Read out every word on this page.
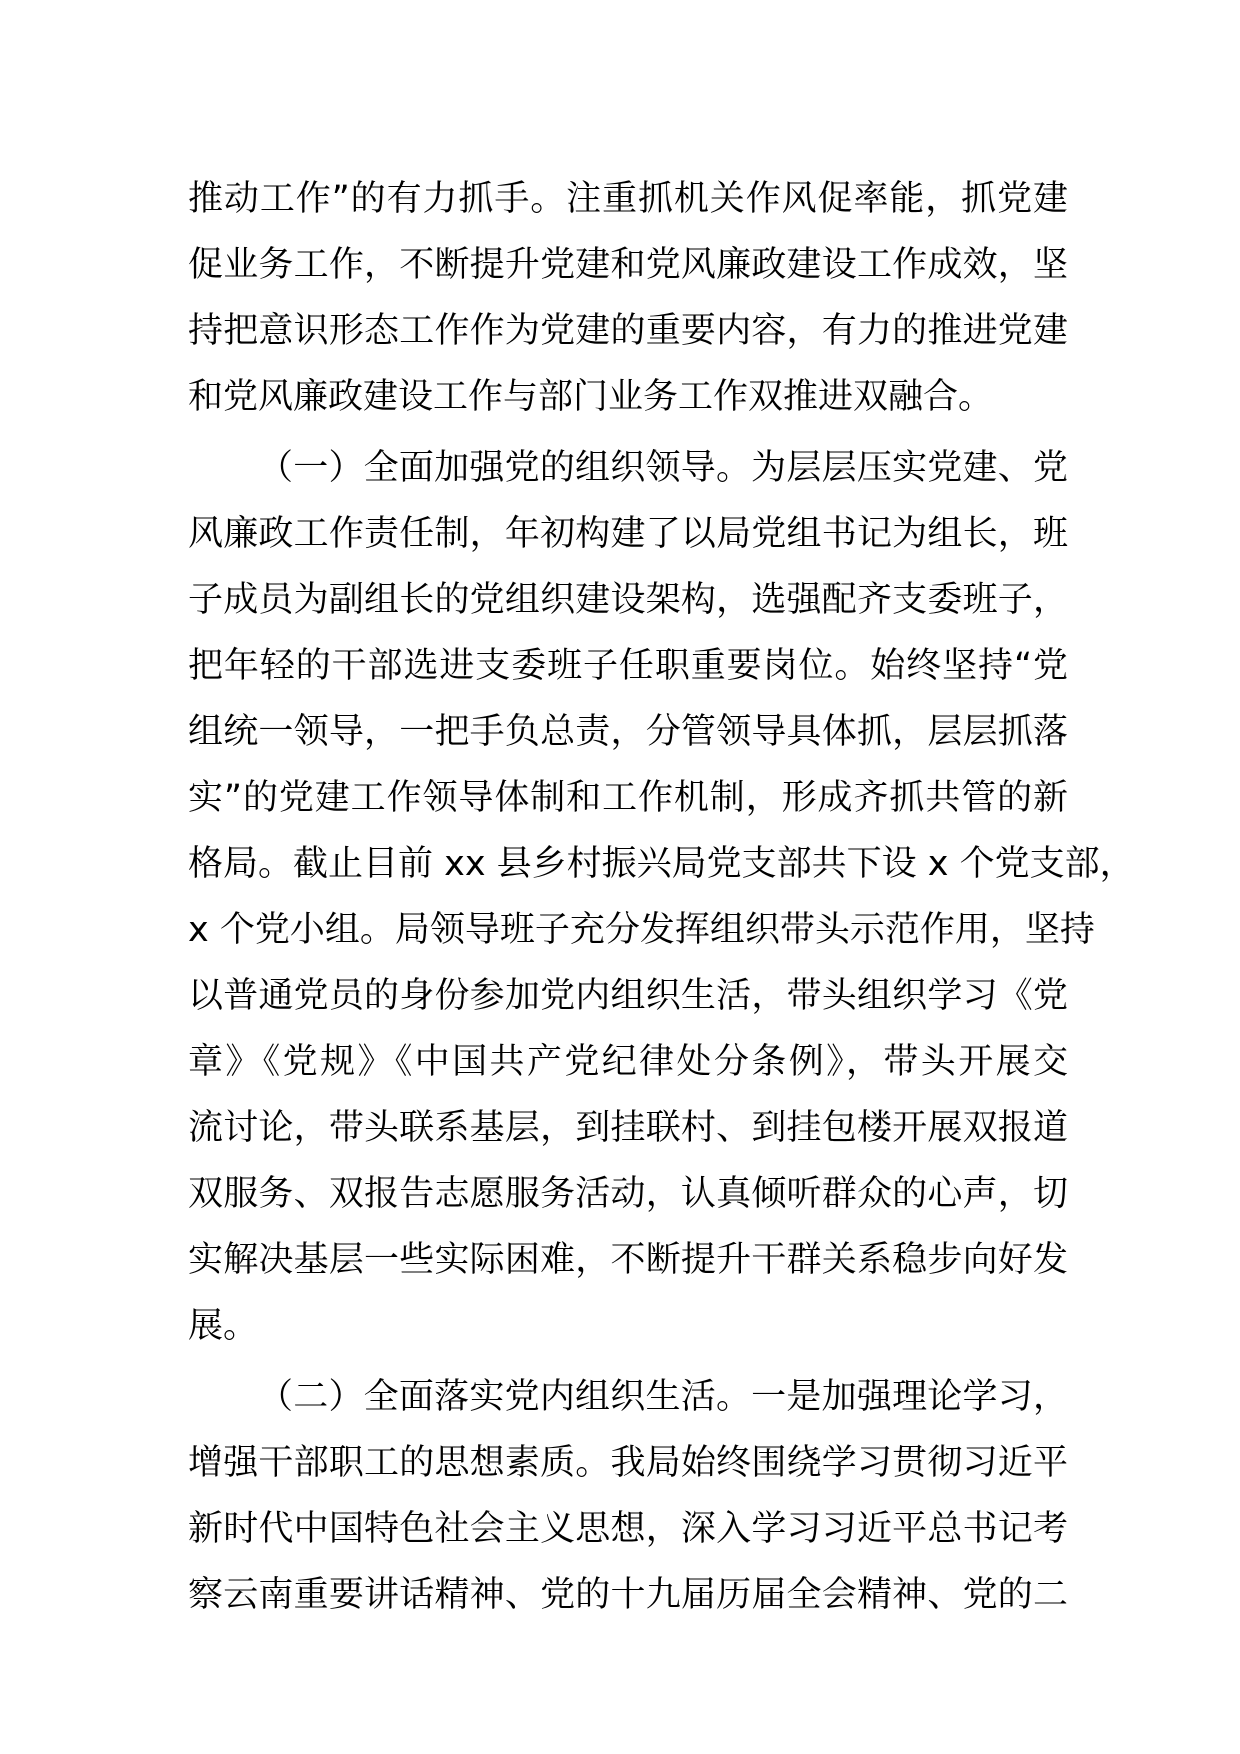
推动工作”的有力抓手。注重抓机关作风促率能，抓党建
促业务工作，不断提升党建和党风廉政建设工作成效，坚
持把意识形态工作作为党建的重要内容，有力的推进党建
和党风廉政建设工作与部门业务工作双推进双融合。
（一）全面加强党的组织领导。为层层压实党建、党
风廉政工作责任制，年初构建了以局党组书记为组长，班
子成员为副组长的党组织建设架构，选强配齐支委班子，
把年轻的干部选进支委班子任职重要岗位。始终坚持“党
组统一领导，一把手负总责，分管领导具体抓，层层抓落
实”的党建工作领导体制和工作机制，形成齐抓共管的新
格局。截止目前 xx 县乡村振兴局党支部共下设 x 个党支部，
x 个党小组。局领导班子充分发挥组织带头示范作用，坚持
以普通党员的身份参加党内组织生活，带头组织学习《党
章》《党规》《中国共产党纪律处分条例》，带头开展交
流讨论，带头联系基层，到挂联村、到挂包楼开展双报道
双服务、双报告志愿服务活动，认真倾听群众的心声，切
实解决基层一些实际困难，不断提升干群关系稳步向好发
展。
（二）全面落实党内组织生活。一是加强理论学习，
增强干部职工的思想素质。我局始终围绕学习贯彻习近平
新时代中国特色社会主义思想，深入学习习近平总书记考
察云南重要讲话精神、党的十九届历届全会精神、党的二
